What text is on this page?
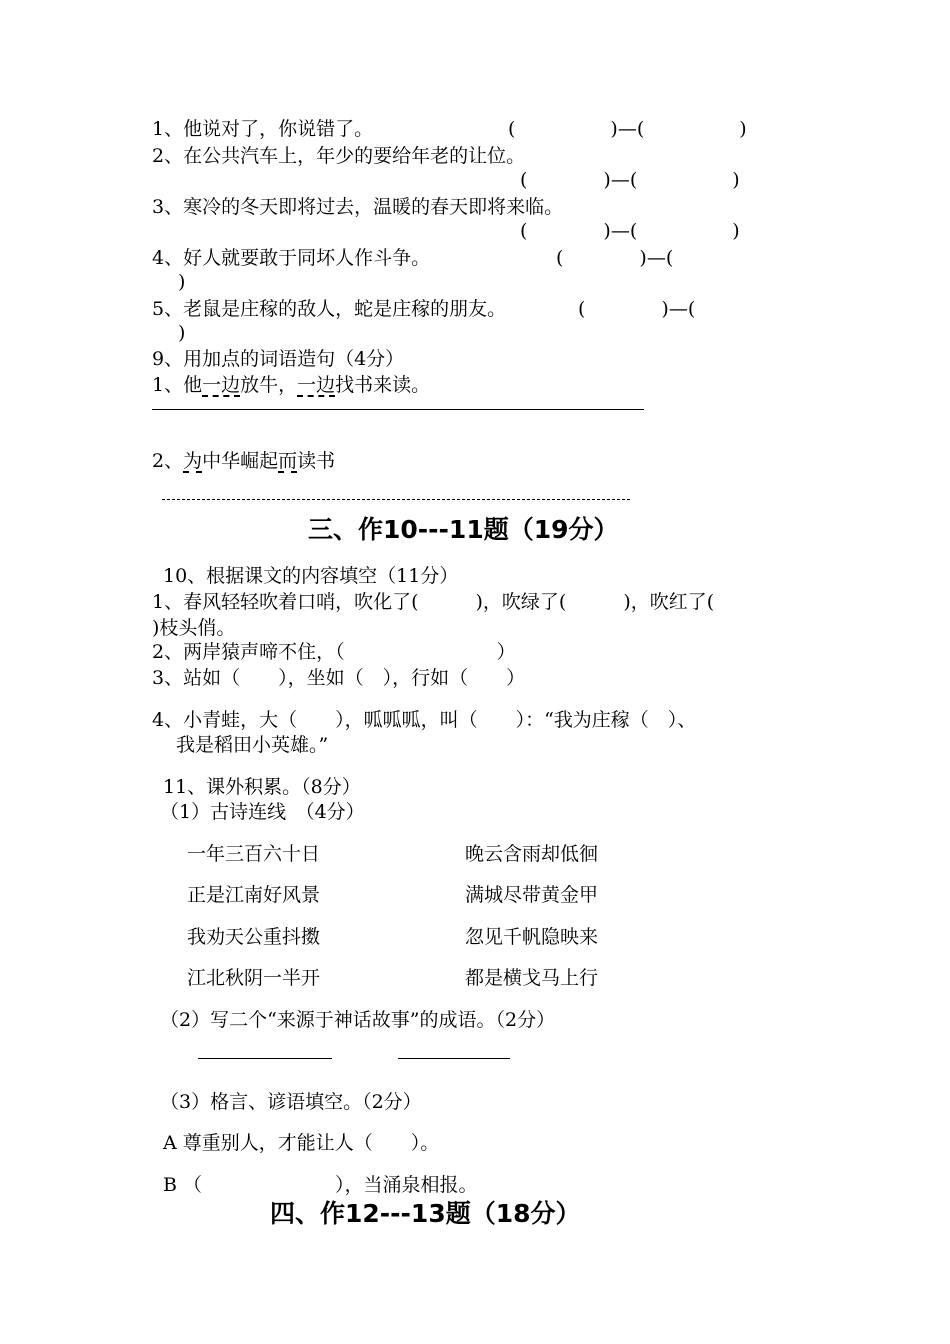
1、他说对了，你说错了。	(　　　　　)—(　　　　　)
2、在公共汽车上，年少的要给年老的让位。
(　　　　)—(　　　　　)
3、寒冷的冬天即将过去，温暖的春天即将来临。
(　　　　)—(　　　　　)
4、好人就要敢于同坏人作斗争。	(　　　　)—(
)
5、老鼠是庄稼的敌人，蛇是庄稼的朋友。	(　　　　)—(
)
9、用加点的词语造句（4分）
1、他一边放牛，一边找书来读。
2、为中华崛起而读书
三、作10---11题（19分）
10、根据课文的内容填空（11分）
1、春风轻轻吹着口哨，吹化了(　　　)，吹绿了(　　　)，吹红了(
)枝头俏。
2、两岸猿声啼不住，（　　　　　　　　）
3、站如（　　），坐如（　），行如（　　）
4、小青蛙，大（　　），呱呱呱，叫（　　）：“我为庄稼（　）、
我是稻田小英雄。”
11、课外积累。（8分）
（1）古诗连线　（4分）
一年三百六十日	晚云含雨却低徊
正是江南好风景	满城尽带黄金甲
我劝天公重抖擞	忽见千帆隐映来
江北秋阴一半开	都是横戈马上行
（2）写二个“来源于神话故事”的成语。（2分）
（3）格言、谚语填空。（2分）
A 尊重别人，才能让人（　　）。
B （　　　　　　　），当涌泉相报。
四、作12---13题（18分）
